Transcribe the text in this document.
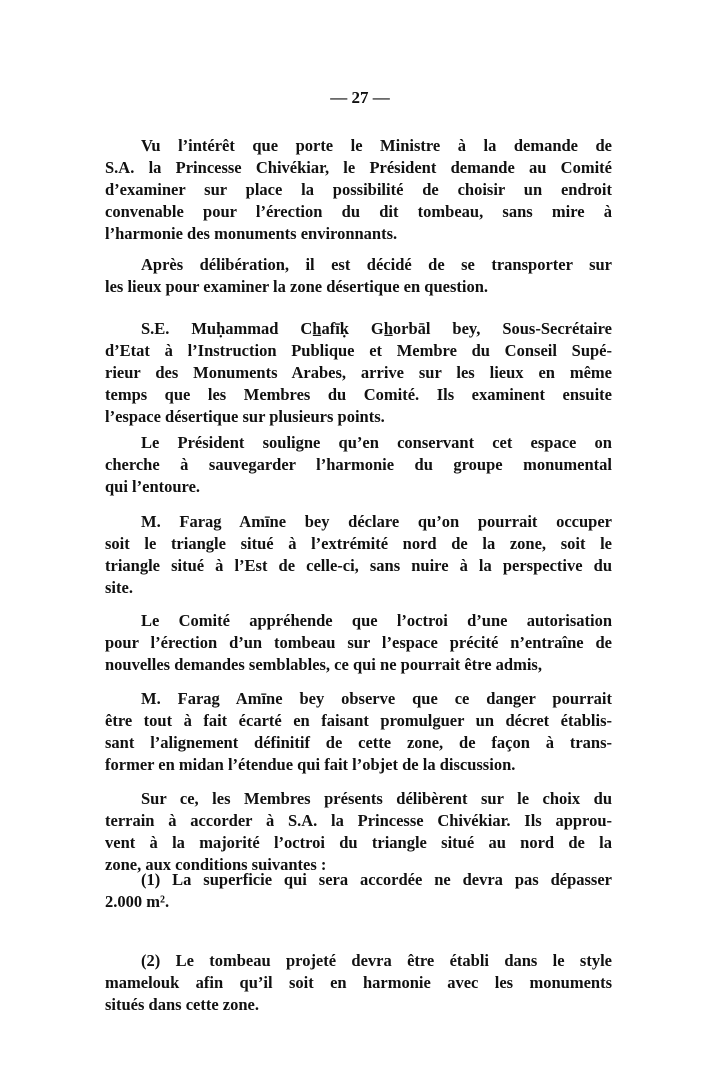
— 27 —
Vu l’intérêt que porte le Ministre à la demande de
S.A. la Princesse Chivékiar, le Président demande au Comité
d’examiner sur place la possibilité de choisir un endroit
convenable pour l’érection du dit tombeau, sans mire à
l’harmonie des monuments environnants.
Après délibération, il est décidé de se transporter sur
les lieux pour examiner la zone désertique en question.
S.E. Muḥammad Ch̲afīḳ Gh̲orbāl bey, Sous-Secrétaire
d’Etat à l’Instruction Publique et Membre du Conseil Supé-
rieur des Monuments Arabes, arrive sur les lieux en même
temps que les Membres du Comité. Ils examinent ensuite
l’espace désertique sur plusieurs points.
Le Président souligne qu’en conservant cet espace on
cherche à sauvegarder l’harmonie du groupe monumental
qui l’entoure.
M. Farag Amīne bey déclare qu’on pourrait occuper
soit le triangle situé à l’extrémité nord de la zone, soit le
triangle situé à l’Est de celle-ci, sans nuire à la perspective du
site.
Le Comité appréhende que l’octroi d’une autorisation
pour l’érection d’un tombeau sur l’espace précité n’entraîne de
nouvelles demandes semblables, ce qui ne pourrait être admis,
M. Farag Amīne bey observe que ce danger pourrait
être tout à fait écarté en faisant promulguer un décret établis-
sant l’alignement définitif de cette zone, de façon à trans-
former en midan l’étendue qui fait l’objet de la discussion.
Sur ce, les Membres présents délibèrent sur le choix du
terrain à accorder à S.A. la Princesse Chivékiar. Ils approu-
vent à la majorité l’octroi du triangle situé au nord de la
zone, aux conditions suivantes :
(1) La superficie qui sera accordée ne devra pas dépasser
2.000 m².
(2) Le tombeau projeté devra être établi dans le style
mamelouk afin qu’il soit en harmonie avec les monuments
situés dans cette zone.
